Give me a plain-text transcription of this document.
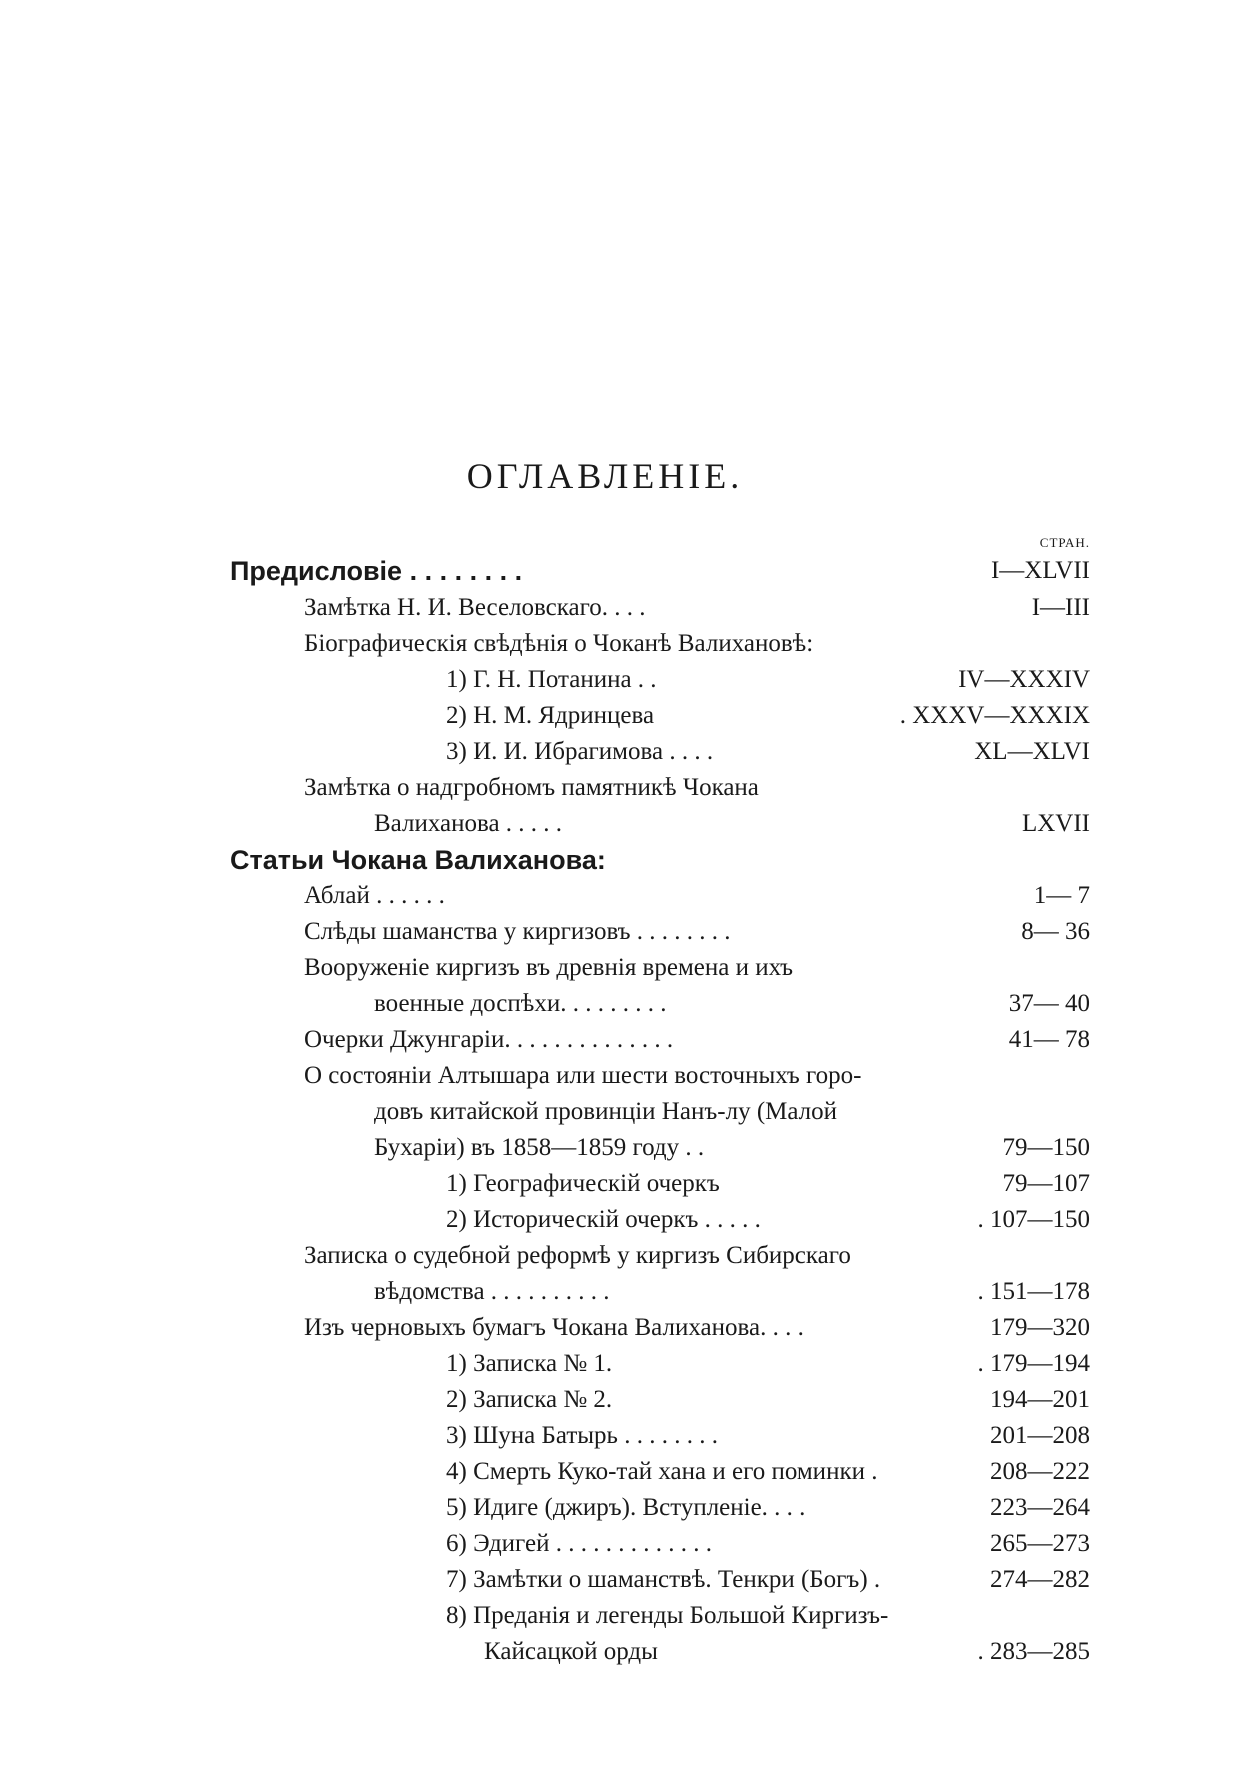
ОГЛАВЛЕНІЕ.
СТРАН.
Предисловіе . . . . . . . .	I—XLVII
Замѣтка Н. И. Веселовскаго. . . .	I—III
Біографическія свѣдѣнія о Чоканѣ Валихановѣ:
1) Г. Н. Потанина . .	IV—XXXIV
2) Н. М. Ядринцева	. XXXV—XXXIX
3) И. И. Ибрагимова . . . .	XL—XLVI
Замѣтка о надгробномъ памятникѣ Чокана
Валиханова . . . . .	LXVII
Статьи Чокана Валиханова:
Аблай . . . . . .	1— 7
Слѣды шаманства у киргизовъ . . . . . . . .	8— 36
Вооруженіе киргизъ въ древнія времена и ихъ
военные доспѣхи. . . . . . . . .	37— 40
Очерки Джунгаріи. . . . . . . . . . . . . .	41— 78
О состояніи Алтышара или шести восточныхъ горо-
довъ китайской провинціи Нанъ-лу (Малой
Бухаріи) въ 1858—1859 году . .	79—150
1) Географическій очеркъ	79—107
2) Историческій очеркъ . . . . .	. 107—150
Записка о судебной реформѣ у киргизъ Сибирскаго
вѣдомства . . . . . . . . . .	. 151—178
Изъ черновыхъ бумагъ Чокана Валиханова. . . .	179—320
1) Записка № 1.	. 179—194
2) Записка № 2.	194—201
3) Шуна Батырь . . . . . . . .	201—208
4) Смерть Куко-тай хана и его поминки .	208—222
5) Идиге (джиръ). Вступленіе. . . .	223—264
6) Эдигей . . . . . . . . . . . . .	265—273
7) Замѣтки о шаманствѣ. Тенкри (Богъ) .	274—282
8) Преданія и легенды Большой Киргизъ-
Кайсацкой орды	. 283—285
